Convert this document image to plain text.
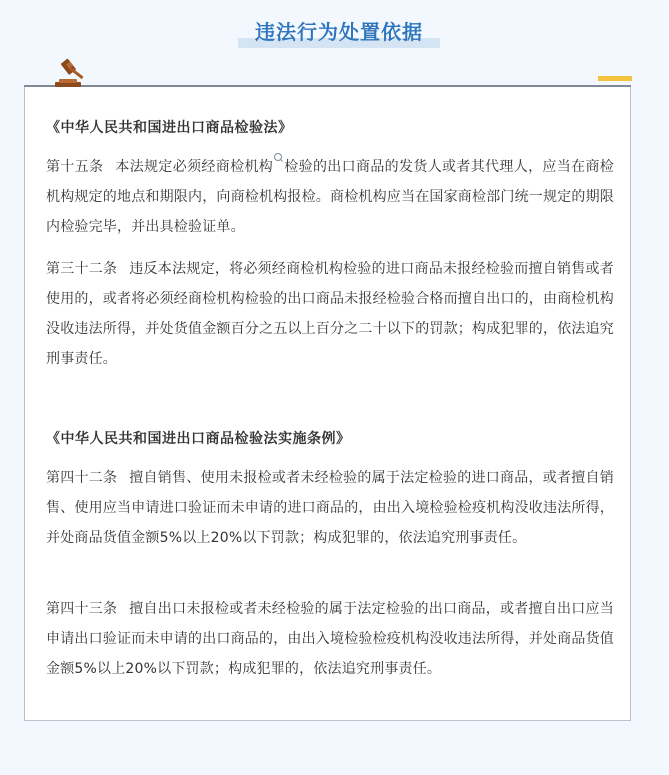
违法行为处置依据
《中华人民共和国进出口商品检验法》
第十五条 本法规定必须经商检机构 检验的出口商品的发货人或者其代理人，应当在商检机构规定的地点和期限内，向商检机构报检。商检机构应当在国家商检部门统一规定的期限内检验完毕，并出具检验证单。
第三十二条 违反本法规定，将必须经商检机构检验的进口商品未报经检验而擅自销售或者使用的，或者将必须经商检机构检验的出口商品未报经检验合格而擅自出口的，由商检机构没收违法所得，并处货值金额百分之五以上百分之二十以下的罚款；构成犯罪的，依法追究刑事责任。
《中华人民共和国进出口商品检验法实施条例》
第四十二条 擅自销售、使用未报检或者未经检验的属于法定检验的进口商品，或者擅自销售、使用应当申请进口验证而未申请的进口商品的，由出入境检验检疫机构没收违法所得，并处商品货值金额5%以上20%以下罚款；构成犯罪的，依法追究刑事责任。
第四十三条 擅自出口未报检或者未经检验的属于法定检验的出口商品，或者擅自出口应当申请出口验证而未申请的出口商品的，由出入境检验检疫机构没收违法所得，并处商品货值金额5%以上20%以下罚款；构成犯罪的，依法追究刑事责任。
